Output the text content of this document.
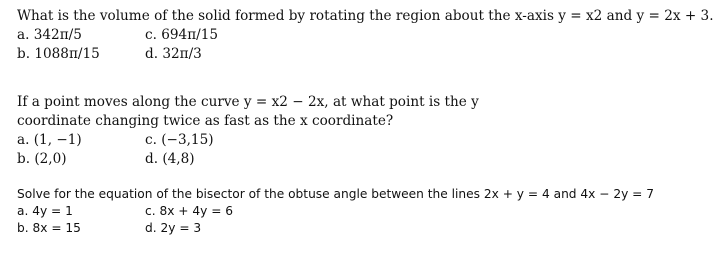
What is the volume of the solid formed by rotating the region about the x-axis y = x2 and y = 2x + 3.
a. 342π/5	c. 694π/15
b. 1088π/15	d. 32π/3
If a point moves along the curve y = x2 − 2x, at what point is the y
coordinate changing twice as fast as the x coordinate?
a. (1, −1)	c. (−3,15)
b. (2,0)	d. (4,8)
Solve for the equation of the bisector of the obtuse angle between the lines 2x + y = 4 and 4x − 2y = 7
a. 4y = 1	c. 8x + 4y = 6
b. 8x = 15	d. 2y = 3
